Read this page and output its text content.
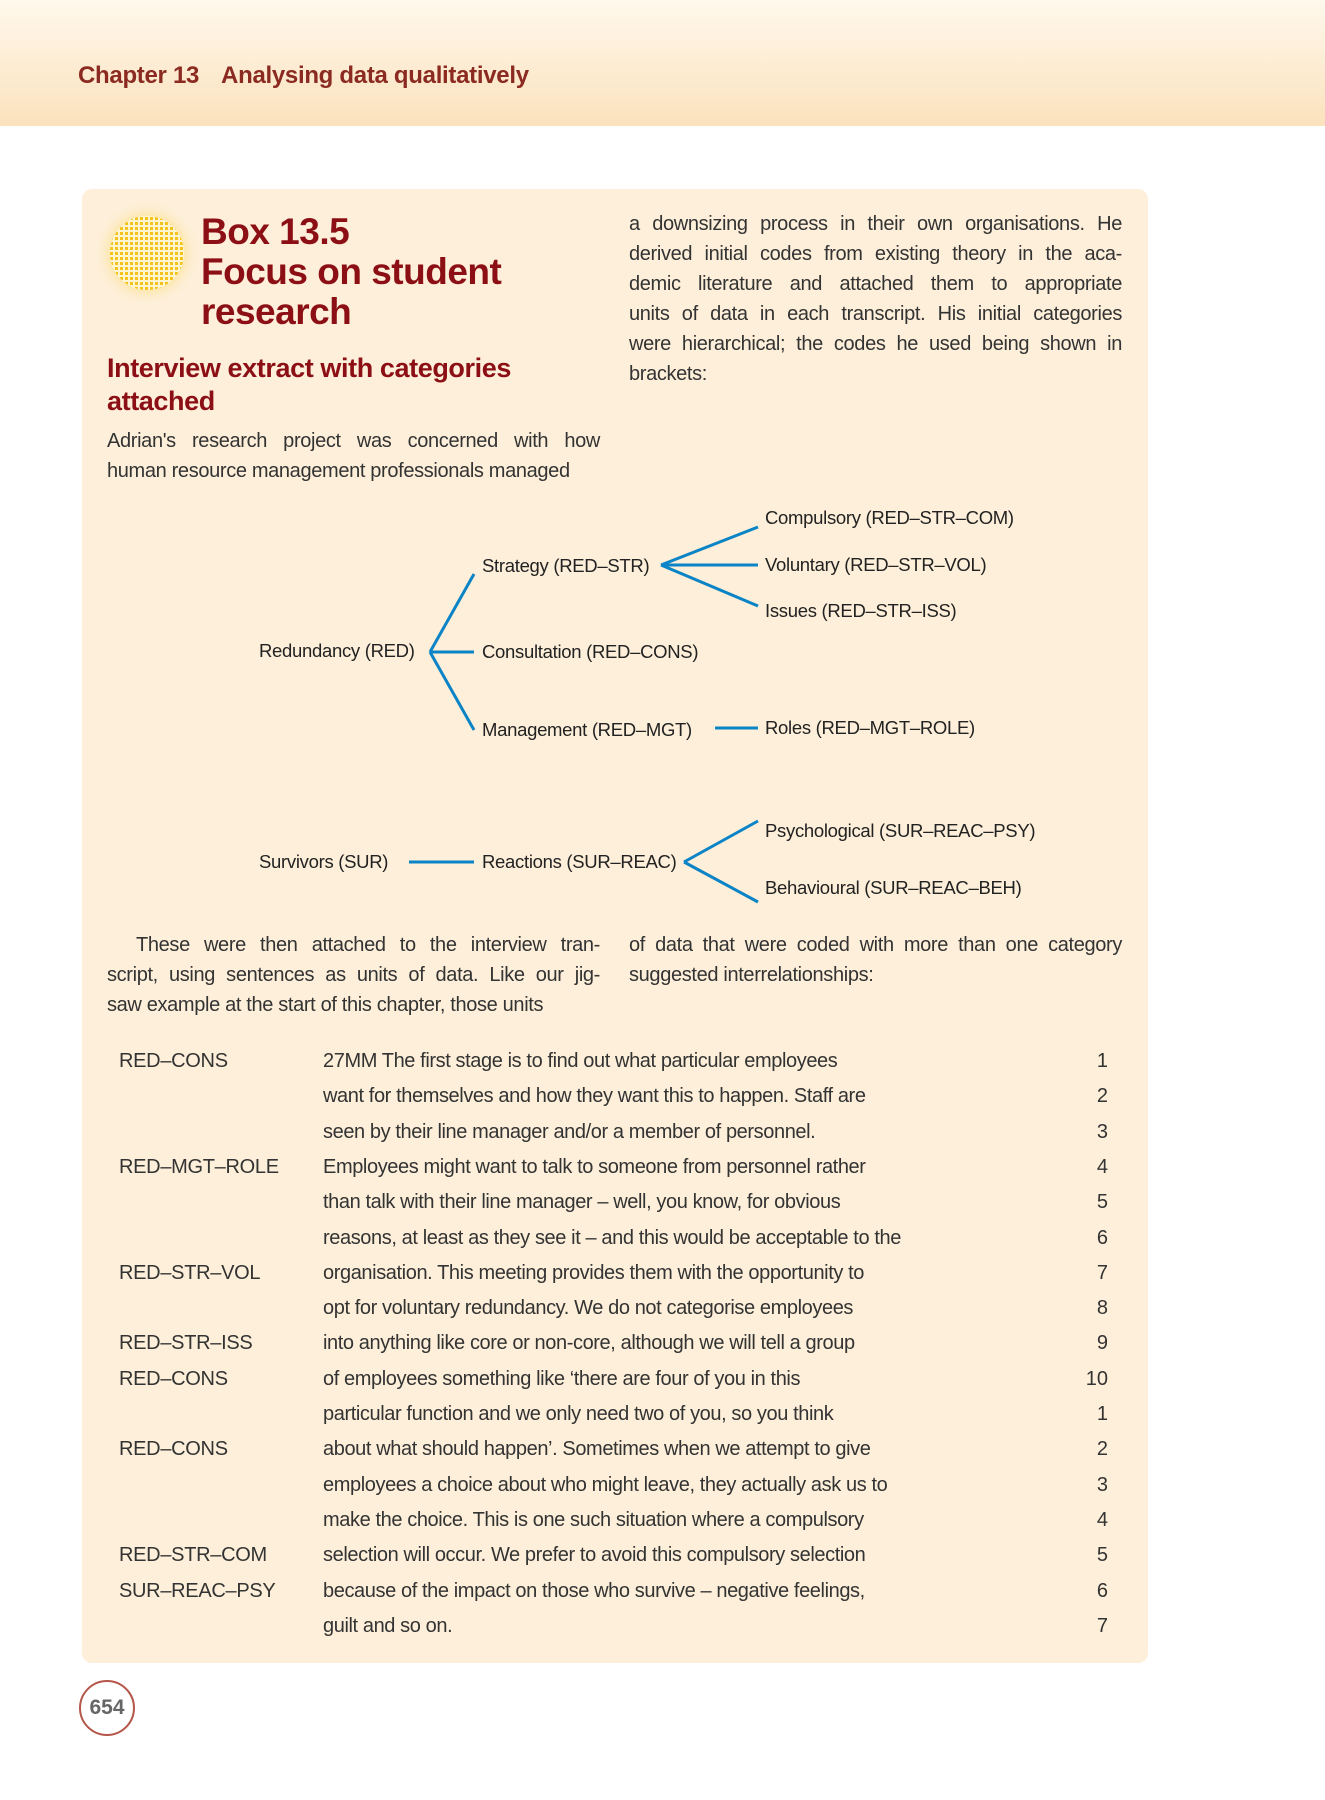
Chapter 13 Analysing data qualitatively
Box 13.5
Focus on student
research
Interview extract with categories
attached
Adrian's research project was concerned with how
human resource management professionals managed
a downsizing process in their own organisations. He
derived initial codes from existing theory in the aca-
demic literature and attached them to appropriate
units of data in each transcript. His initial categories
were hierarchical; the codes he used being shown in
brackets:
These were then attached to the interview tran-
script, using sentences as units of data. Like our jig-
saw example at the start of this chapter, those units
of data that were coded with more than one category
suggested interrelationships:
Redundancy (RED)
Strategy (RED–STR)
Consultation (RED–CONS)
Management (RED–MGT)
Compulsory (RED–STR–COM)
Voluntary (RED–STR–VOL)
Issues (RED–STR–ISS)
Roles (RED–MGT–ROLE)
Survivors (SUR)	Reactions (SUR–REAC)
Psychological (SUR–REAC–PSY)
Behavioural (SUR–REAC–BEH)
RED–CONS	27MM The first stage is to find out what particular employees	1
want for themselves and how they want this to happen. Staff are	2
seen by their line manager and/or a member of personnel.	3
RED–MGT–ROLE Employees might want to talk to someone from personnel rather	4
than talk with their line manager – well, you know, for obvious	5
reasons, at least as they see it – and this would be acceptable to the	6
RED–STR–VOL	organisation. This meeting provides them with the opportunity to	7
opt for voluntary redundancy. We do not categorise employees	8
RED–STR–ISS	into anything like core or non-core, although we will tell a group	9
RED–CONS	of employees something like ‘there are four of you in this	10
particular function and we only need two of you, so you think	1
RED–CONS	about what should happen’. Sometimes when we attempt to give	2
employees a choice about who might leave, they actually ask us to	3
make the choice. This is one such situation where a compulsory	4
RED–STR–COM	selection will occur. We prefer to avoid this compulsory selection	5
SUR–REAC–PSY because of the impact on those who survive – negative feelings,	6
guilt and so on.	7
654
